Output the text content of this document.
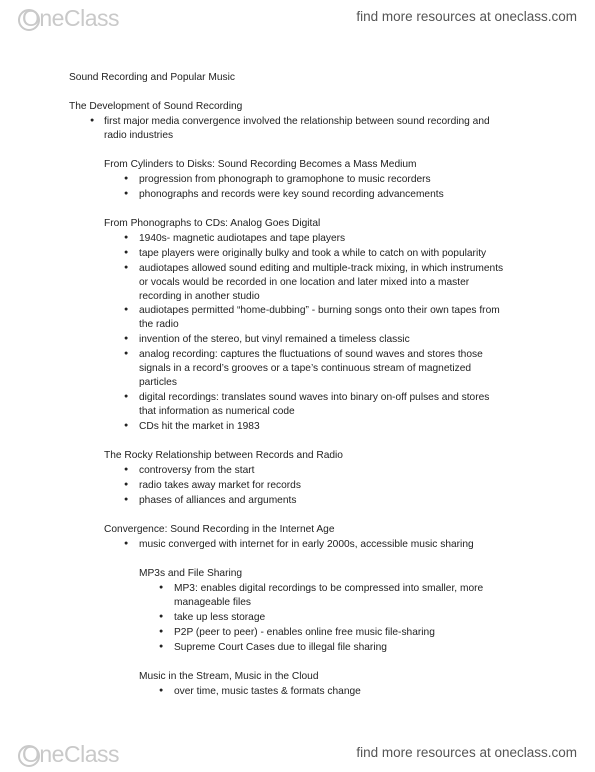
OneClass	find more resources at oneclass.com
Sound Recording and Popular Music
The Development of Sound Recording
● first major media convergence involved the relationship between sound recording and
radio industries
From Cylinders to Disks: Sound Recording Becomes a Mass Medium
● progression from phonograph to gramophone to music recorders
● phonographs and records were key sound recording advancements
From Phonographs to CDs: Analog Goes Digital
● 1940s- magnetic audiotapes and tape players
● tape players were originally bulky and took a while to catch on with popularity
● audiotapes allowed sound editing and multiple-track mixing, in which instruments
or vocals would be recorded in one location and later mixed into a master
recording in another studio
● audiotapes permitted “home-dubbing” - burning songs onto their own tapes from
the radio
● invention of the stereo, but vinyl remained a timeless classic
● analog recording: captures the fluctuations of sound waves and stores those
signals in a record’s grooves or a tape’s continuous stream of magnetized
particles
● digital recordings: translates sound waves into binary on-off pulses and stores
that information as numerical code
● CDs hit the market in 1983
The Rocky Relationship between Records and Radio
● controversy from the start
● radio takes away market for records
● phases of alliances and arguments
Convergence: Sound Recording in the Internet Age
● music converged with internet for in early 2000s, accessible music sharing
MP3s and File Sharing
● MP3: enables digital recordings to be compressed into smaller, more
manageable files
● take up less storage
● P2P (peer to peer) - enables online free music file-sharing
● Supreme Court Cases due to illegal file sharing
Music in the Stream, Music in the Cloud
● over time, music tastes & formats change
OneClass	find more resources at oneclass.com
